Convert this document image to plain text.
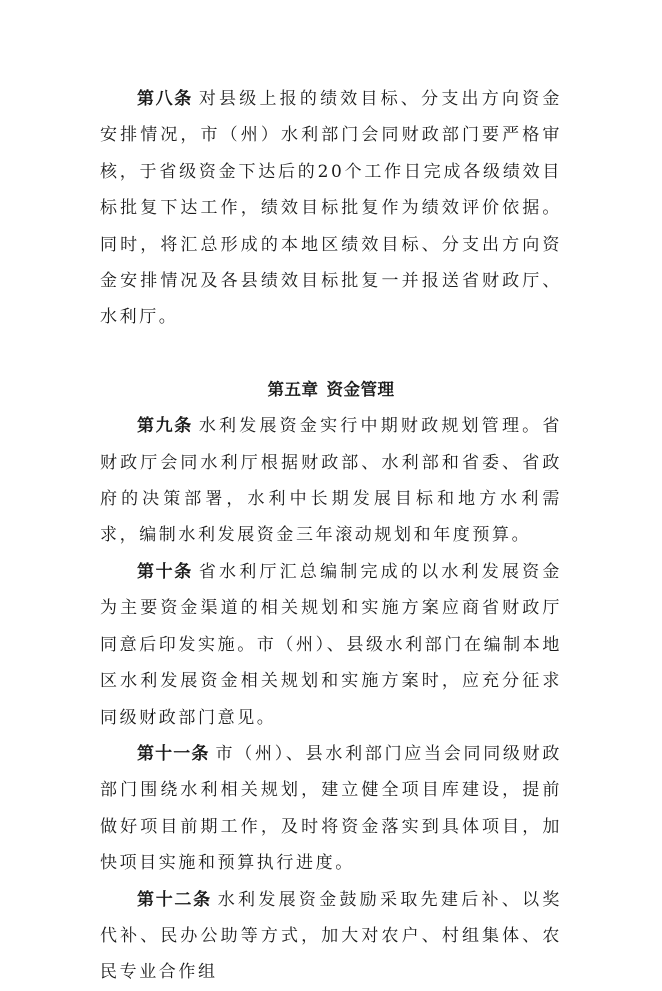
第八条 对县级上报的绩效目标、分支出方向资金安排情况，市（州）水利部门会同财政部门要严格审核，于省级资金下达后的20个工作日完成各级绩效目标批复下达工作，绩效目标批复作为绩效评价依据。同时，将汇总形成的本地区绩效目标、分支出方向资金安排情况及各县绩效目标批复一并报送省财政厅、水利厅。

第五章 资金管理

第九条 水利发展资金实行中期财政规划管理。省财政厅会同水利厅根据财政部、水利部和省委、省政府的决策部署，水利中长期发展目标和地方水利需求，编制水利发展资金三年滚动规划和年度预算。

第十条 省水利厅汇总编制完成的以水利发展资金为主要资金渠道的相关规划和实施方案应商省财政厅同意后印发实施。市（州）、县级水利部门在编制本地区水利发展资金相关规划和实施方案时，应充分征求同级财政部门意见。

第十一条 市（州）、县水利部门应当会同同级财政部门围绕水利相关规划，建立健全项目库建设，提前做好项目前期工作，及时将资金落实到具体项目，加快项目实施和预算执行进度。

第十二条 水利发展资金鼓励采取先建后补、以奖代补、民办公助等方式，加大对农户、村组集体、农民专业合作组
